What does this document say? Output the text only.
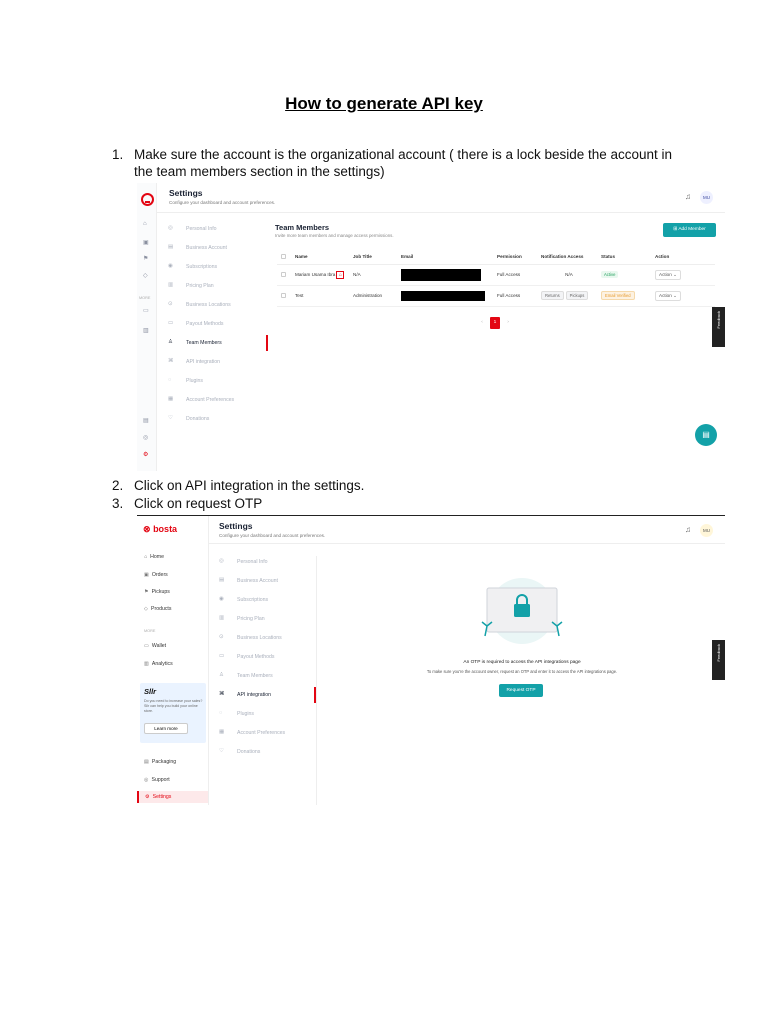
How to generate API key
1. Make sure the account is the organizational account ( there is a lock beside the account in the team members section in the settings)
Settings
Configure your dashboard and account preferences.
♫	MU
⌂
▣
⚑
◇
MORE
▭
▥
▤
◎
⚙
◎	Personal Info
▤ Business Account
◉	Subscriptions
▥ Pricing Plan
⊙	Business Locations
▭ Payout Methods
♙	Team Members
⌘ API integration
◌	Plugins
▦ Account Preferences
♡	Donations
Team Members
Invite more team members and manage access permissions.
⊞ Add Member
	Name	Job Title	Email	Permission	Notification Access	Status	Action
	Mariam Usama Ibra ⌂	N/A		Full Access	N/A	Active	Action ⌄
	Test	Administration		Full Access	Returns Pickups	Email Verified	Action ⌄
‹	1	›	Feedback
▤
2. Click on API integration in the settings.
3. Click on request OTP
⊗ bosta
⌂ Home
▣ Orders
⚑ Pickups
◇ Products
MORE
▭ Wallet
▥ Analytics
Sllr
Do you need to increase your sales? Sllr can help you build your online store.
Learn more
▤ Packaging
◎ Support
⚙ Settings
Settings
Configure your dashboard and account preferences.
♫	MU
◎	Personal Info
▤ Business Account
◉	Subscriptions
▥ Pricing Plan
⊙	Business Locations
▭ Payout Methods
♙	Team Members
⌘ API integration
◌	Plugins
▦ Account Preferences
♡	Donations
An OTP is required to access the API integrations page
To make sure you're the account owner, request an OTP and enter it to access the API integrations page.
Request OTP
Feedback
